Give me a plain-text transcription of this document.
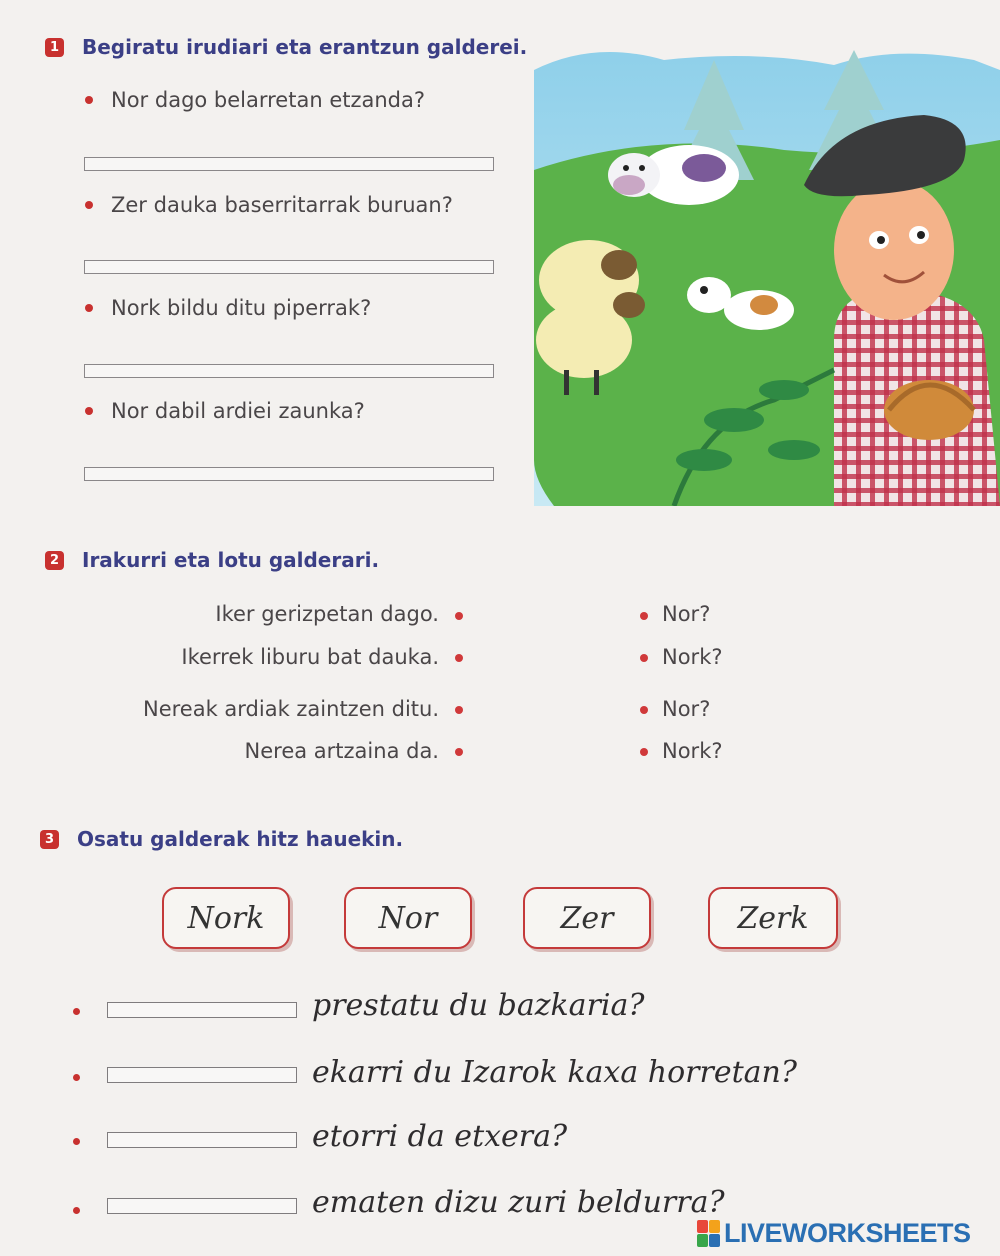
1 Begiratu irudiari eta erantzun galderei.
Nor dago belarretan etzanda?
Zer dauka baserritarrak buruan?
Nork bildu ditu piperrak?
Nor dabil ardiei zaunka?
2 Irakurri eta lotu galderari.
Iker gerizpetan dago.	Nor?
Ikerrek liburu bat dauka.	Nork?
Nereak ardiak zaintzen ditu.	Nor?
Nerea artzaina da.	Nork?
3 Osatu galderak hitz hauekin.
Nork	Nor	Zer	Zerk
prestatu du bazkaria?
ekarri du Izarok kaxa horretan?
etorri da etxera?
ematen dizu zuri beldurra?
LIVEWORKSHEETS
